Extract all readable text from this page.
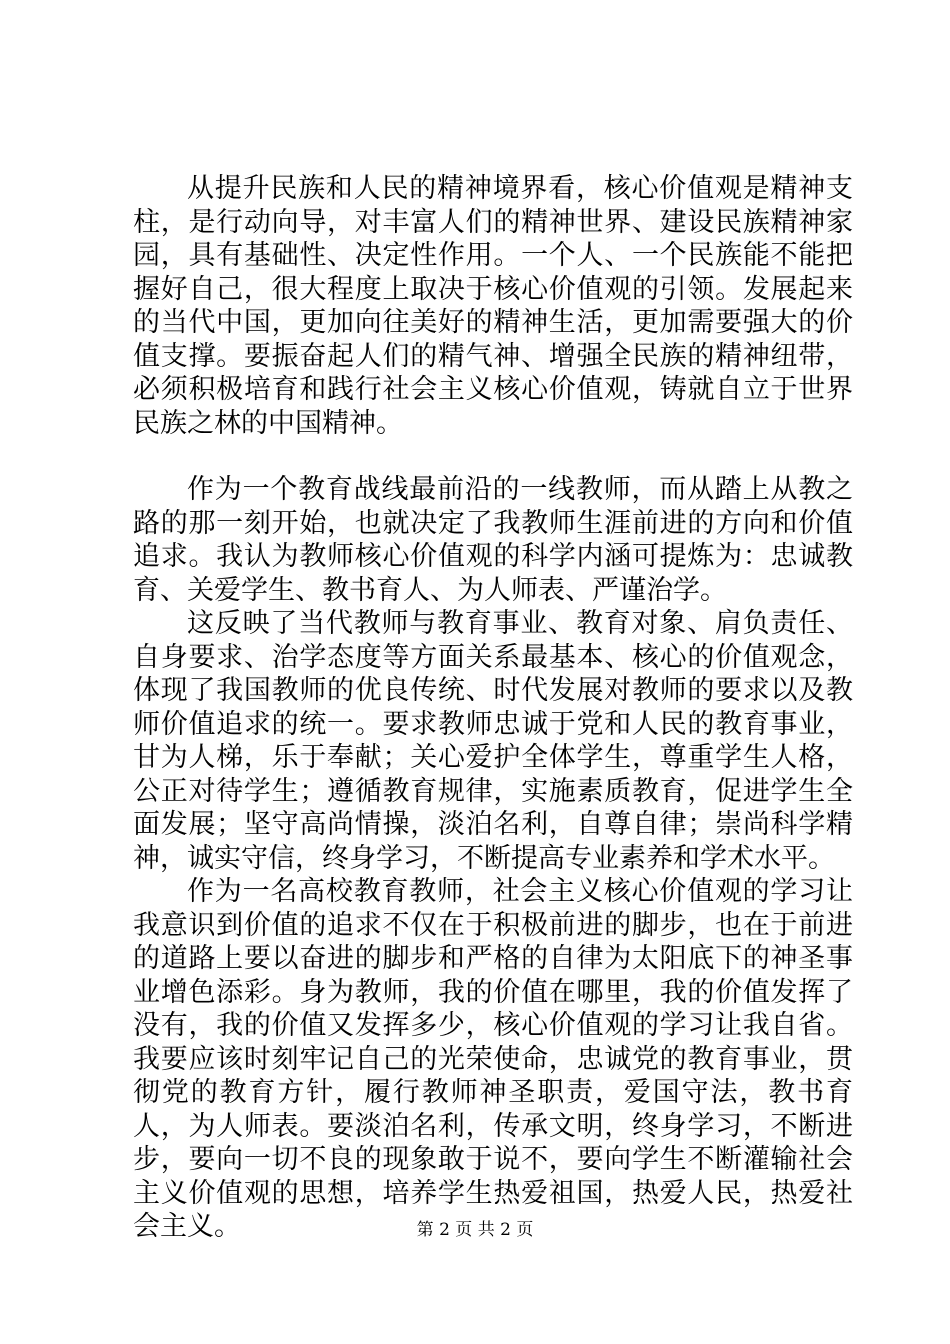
从提升民族和人民的精神境界看，核心价值观是精神支柱，是行动向导，对丰富人们的精神世界、建设民族精神家园，具有基础性、决定性作用。一个人、一个民族能不能把握好自己，很大程度上取决于核心价值观的引领。发展起来的当代中国，更加向往美好的精神生活，更加需要强大的价值支撑。要振奋起人们的精气神、增强全民族的精神纽带，必须积极培育和践行社会主义核心价值观，铸就自立于世界民族之林的中国精神。

作为一个教育战线最前沿的一线教师，而从踏上从教之路的那一刻开始，也就决定了我教师生涯前进的方向和价值追求。我认为教师核心价值观的科学内涵可提炼为：忠诚教育、关爱学生、教书育人、为人师表、严谨治学。

这反映了当代教师与教育事业、教育对象、肩负责任、自身要求、治学态度等方面关系最基本、核心的价值观念，体现了我国教师的优良传统、时代发展对教师的要求以及教师价值追求的统一。要求教师忠诚于党和人民的教育事业，甘为人梯，乐于奉献；关心爱护全体学生，尊重学生人格，公正对待学生；遵循教育规律，实施素质教育，促进学生全面发展；坚守高尚情操，淡泊名利，自尊自律；崇尚科学精神，诚实守信，终身学习，不断提高专业素养和学术水平。

作为一名高校教育教师，社会主义核心价值观的学习让我意识到价值的追求不仅在于积极前进的脚步，也在于前进的道路上要以奋进的脚步和严格的自律为太阳底下的神圣事业增色添彩。身为教师，我的价值在哪里，我的价值发挥了没有，我的价值又发挥多少，核心价值观的学习让我自省。我要应该时刻牢记自己的光荣使命，忠诚党的教育事业，贯彻党的教育方针，履行教师神圣职责，爱国守法，教书育人，为人师表。要淡泊名利，传承文明，终身学习，不断进步，要向一切不良的现象敢于说不，要向学生不断灌输社会主义价值观的思想，培养学生热爱祖国，热爱人民，热爱社会主义。	第 2 页 共 2 页
